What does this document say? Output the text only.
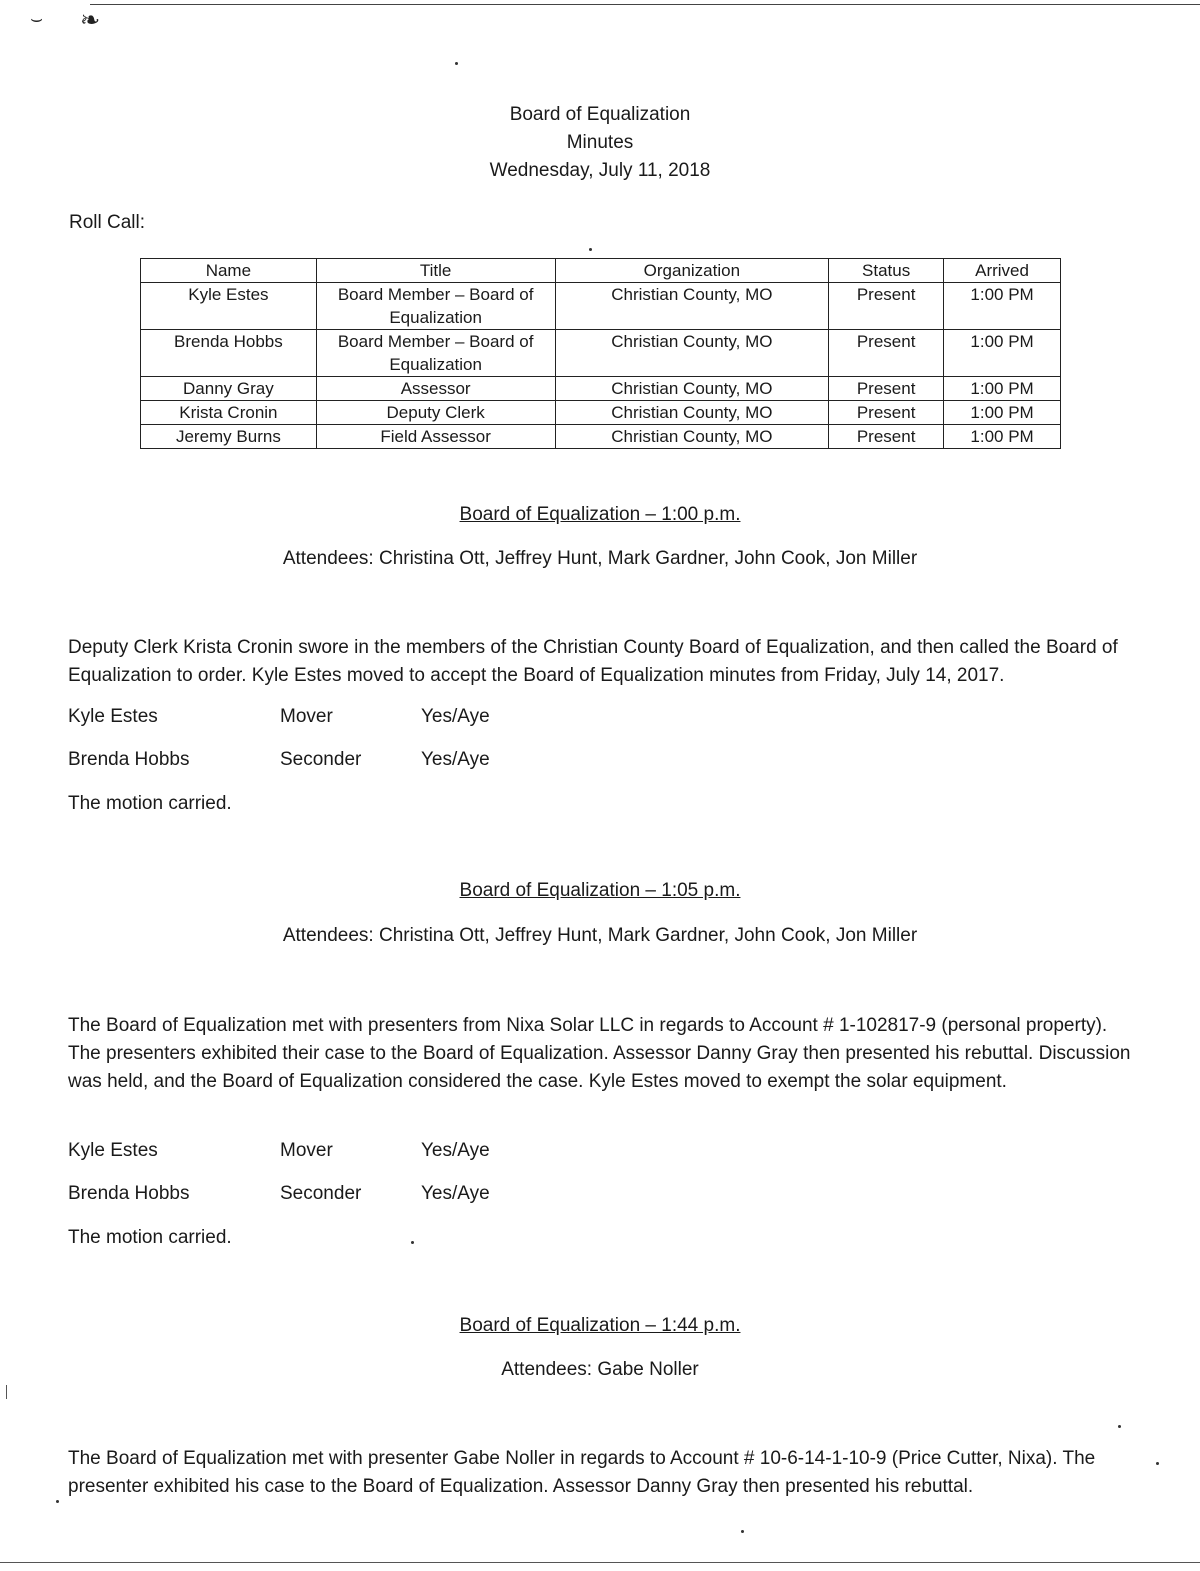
⌣ ❧
Board of Equalization
Minutes
Wednesday, July 11, 2018
Roll Call:
Name	Title	Organization	Status	Arrived
Kyle Estes	Board Member – Board of Equalization	Christian County, MO	Present	1:00 PM
Brenda Hobbs	Board Member – Board of Equalization	Christian County, MO	Present	1:00 PM
Danny Gray	Assessor	Christian County, MO	Present	1:00 PM
Krista Cronin	Deputy Clerk	Christian County, MO	Present	1:00 PM
Jeremy Burns	Field Assessor	Christian County, MO	Present	1:00 PM
Board of Equalization – 1:00 p.m.
Attendees: Christina Ott, Jeffrey Hunt, Mark Gardner, John Cook, Jon Miller
Deputy Clerk Krista Cronin swore in the members of the Christian County Board of Equalization, and then called the Board of Equalization to order. Kyle Estes moved to accept the Board of Equalization minutes from Friday, July 14, 2017.
Kyle Estes	Mover	Yes/Aye
Brenda Hobbs	Seconder	Yes/Aye
The motion carried.
Board of Equalization – 1:05 p.m.
Attendees: Christina Ott, Jeffrey Hunt, Mark Gardner, John Cook, Jon Miller
The Board of Equalization met with presenters from Nixa Solar LLC in regards to Account # 1-102817-9 (personal property). The presenters exhibited their case to the Board of Equalization. Assessor Danny Gray then presented his rebuttal. Discussion was held, and the Board of Equalization considered the case. Kyle Estes moved to exempt the solar equipment.
Kyle Estes	Mover	Yes/Aye
Brenda Hobbs	Seconder	Yes/Aye
The motion carried.
Board of Equalization – 1:44 p.m.
Attendees: Gabe Noller
The Board of Equalization met with presenter Gabe Noller in regards to Account # 10-6-14-1-10-9 (Price Cutter, Nixa). The presenter exhibited his case to the Board of Equalization. Assessor Danny Gray then presented his rebuttal.
